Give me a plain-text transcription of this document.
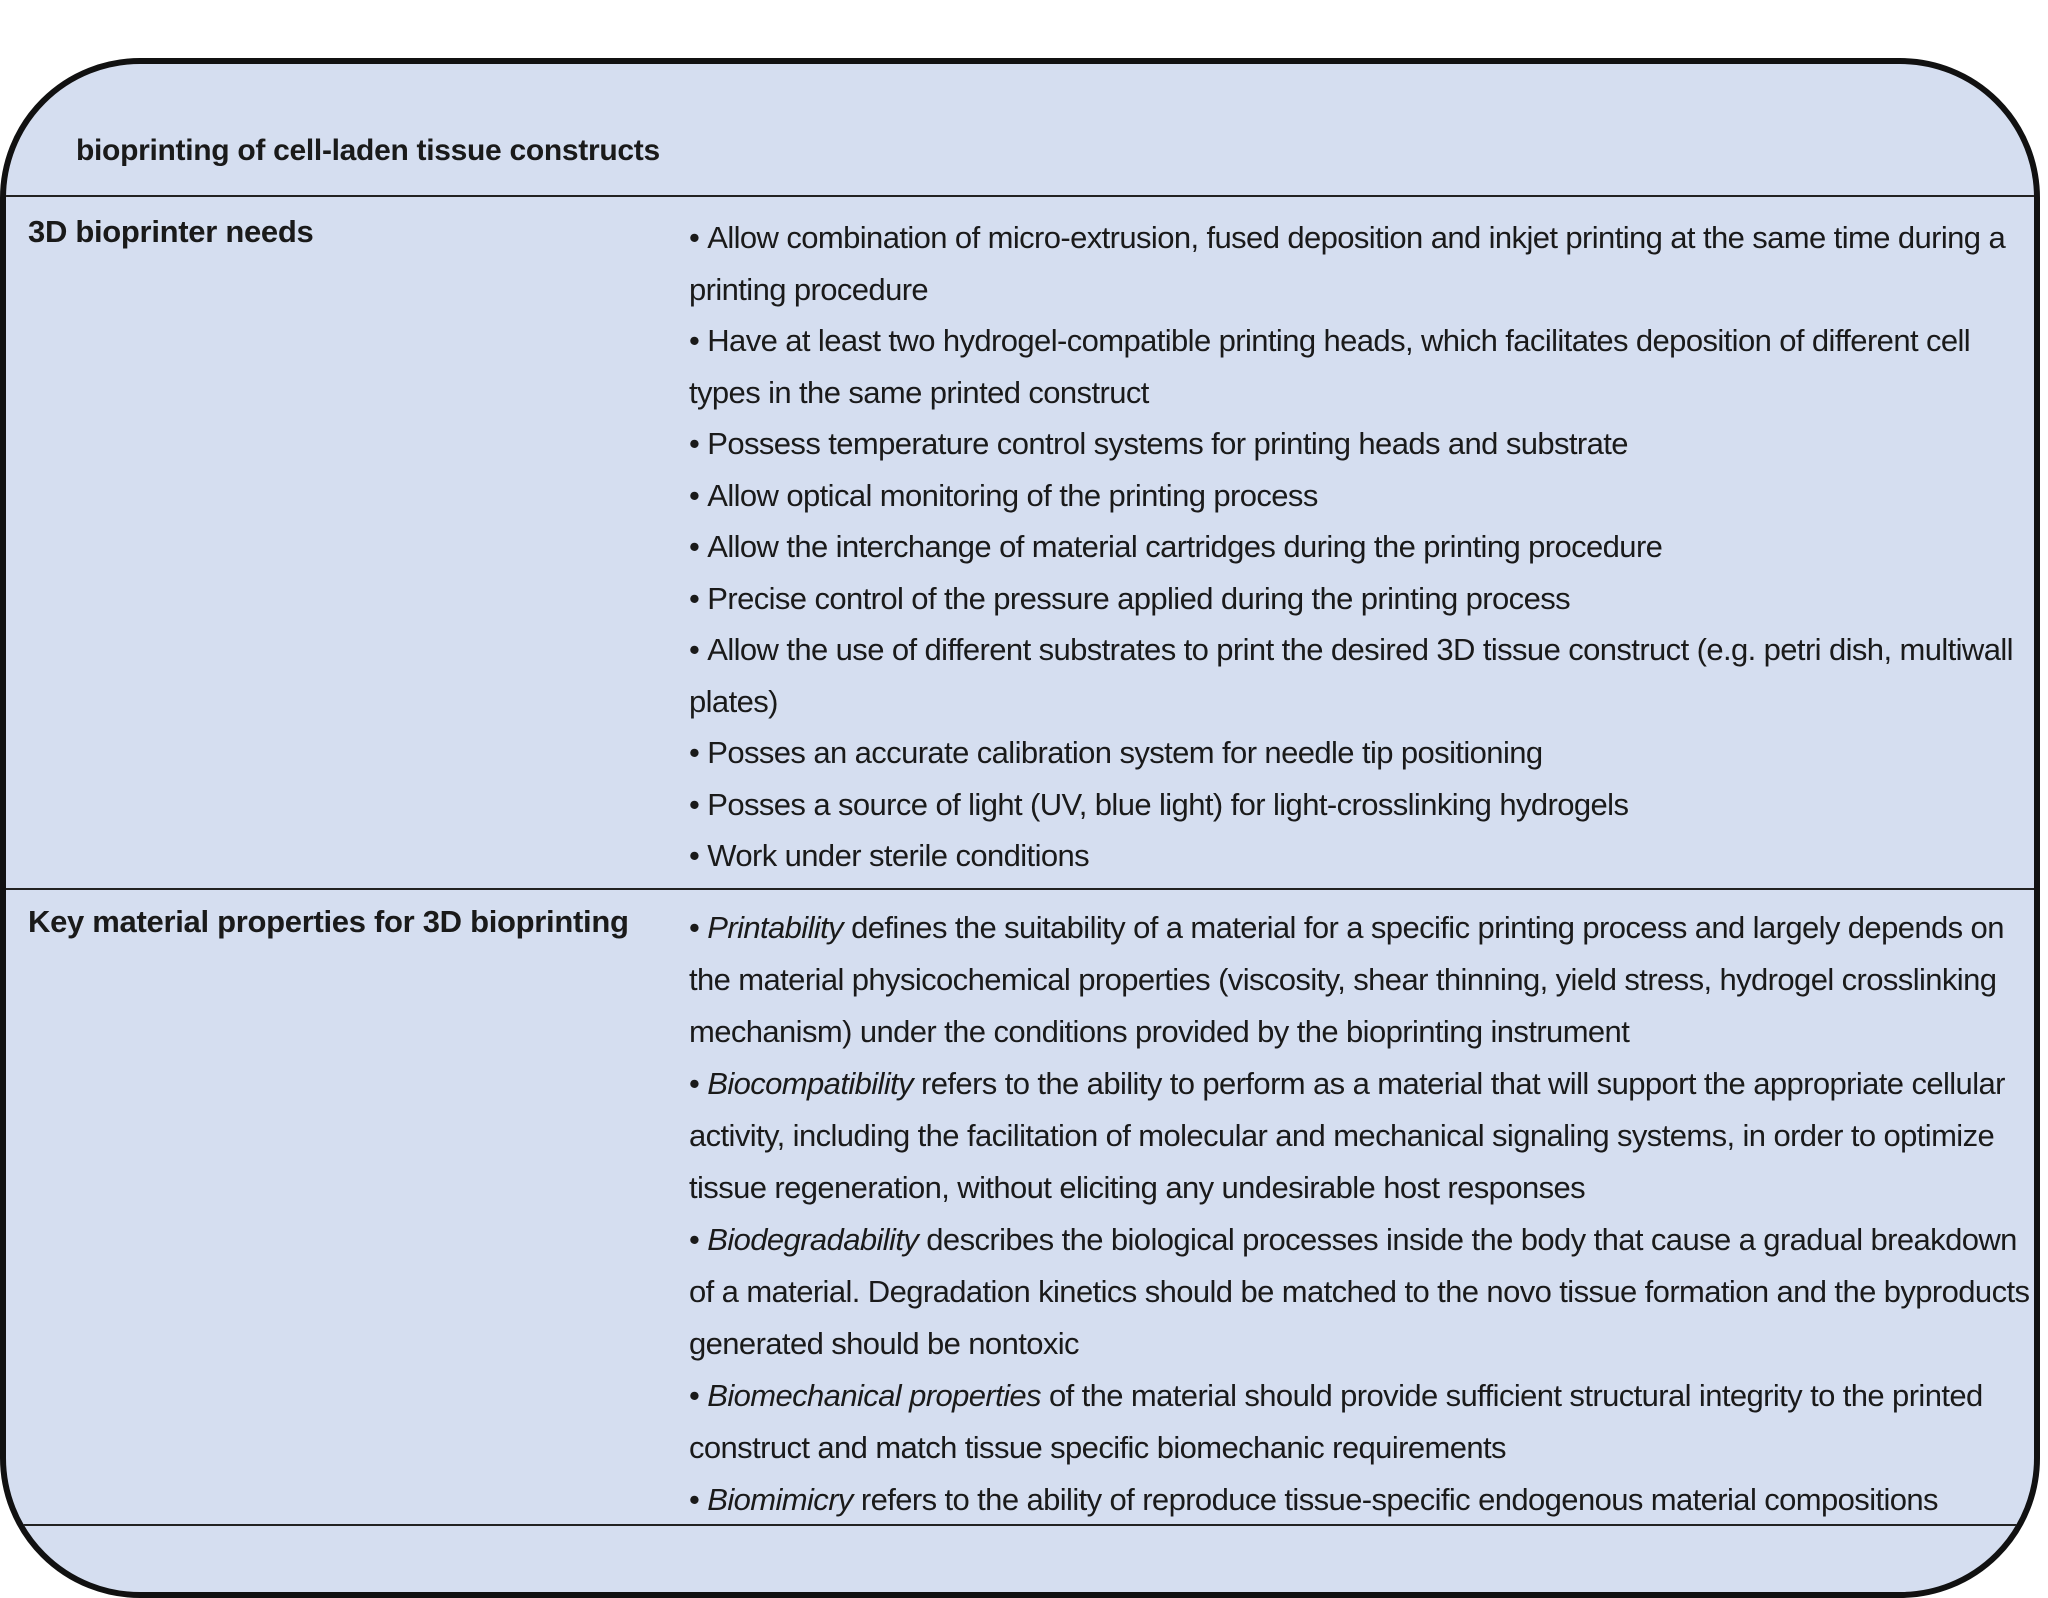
bioprinting of cell-laden tissue constructs
3D bioprinter needs	• Allow combination of micro-extrusion, fused deposition and inkjet printing at the same time during a printing procedure

• Have at least two hydrogel-compatible printing heads, which facilitates deposition of different cell types in the same printed construct

• Possess temperature control systems for printing heads and substrate

• Allow optical monitoring of the printing process

• Allow the interchange of material cartridges during the printing procedure

• Precise control of the pressure applied during the printing process

• Allow the use of different substrates to print the desired 3D tissue construct (e.g. petri dish, multiwall plates)

• Posses an accurate calibration system for needle tip positioning

• Posses a source of light (UV, blue light) for light-crosslinking hydrogels

• Work under sterile conditions

Key material properties for 3D bioprinting • Printability defines the suitability of a material for a specific printing process and largely depends on the material physicochemical properties (viscosity, shear thinning, yield stress, hydrogel crosslinking mechanism) under the conditions provided by the bioprinting instrument

• Biocompatibility refers to the ability to perform as a material that will support the appropriate cellular activity, including the facilitation of molecular and mechanical signaling systems, in order to optimize tissue regeneration, without eliciting any undesirable host responses

• Biodegradability describes the biological processes inside the body that cause a gradual breakdown of a material. Degradation kinetics should be matched to the novo tissue formation and the byproducts generated should be nontoxic

• Biomechanical properties of the material should provide sufficient structural integrity to the printed construct and match tissue specific biomechanic requirements

• Biomimicry refers to the ability of reproduce tissue-specific endogenous material compositions
